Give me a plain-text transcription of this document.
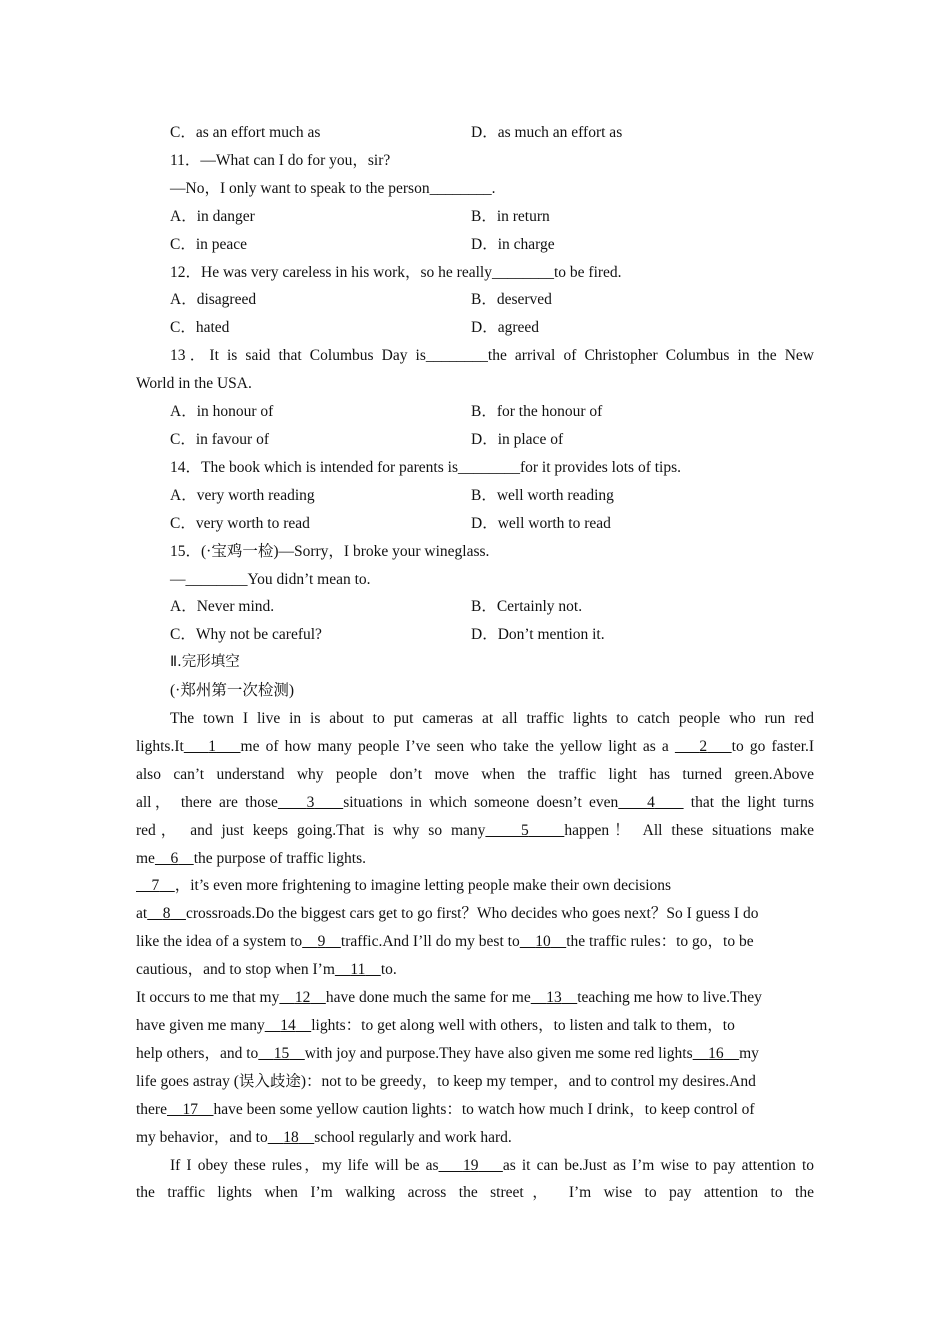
C．as an effort much as	D．as much an effort as
11．—What can I do for you，sir?
—No，I only want to speak to the person________.
A．in danger	B．in return
C．in peace	D．in charge
12．He was very careless in his work，so he really________to be fired.
A．disagreed	B．deserved
C．hated	D．agreed
13．It is said that Columbus Day is________the arrival of Christopher Columbus in the New
World in the USA.
A．in honour of	B．for the honour of
C．in favour of	D．in place of
14．The book which is intended for parents is________for it provides lots of tips.
A．very worth reading	B．well worth reading
C．very worth to read	D．well worth to read
15．(·宝鸡一检)—Sorry，I broke your wineglass.
—________You didn’t mean to.
A．Never mind.	B．Certainly not.
C．Why not be careful?	D．Don’t mention it.
Ⅱ.完形填空
(·郑州第一次检测)
The town I live in is about to put cameras at all traffic lights to catch people who run red
lights.It 1 me of how many people I’ve seen who take the yellow light as a     2 to go faster.I
also can’t understand why people don’t move when the traffic light has turned green.Above
all， there are those 3 situations in which someone doesn’t even 4     that the light turns
red， and just keeps going.That is why so many 5 happen！ All these situations make
me	6	the purpose of traffic lights.
7	，it’s even more frightening to imagine letting people make their own decisions
at	8	crossroads.Do the biggest cars get to go first？Who decides who goes next？So I guess I do
like the idea of a system to	9	traffic.And I’ll do my best to	10	the traffic rules：to go，to be
cautious，and to stop when I’m	11	to.
It occurs to me that my	12	have done much the same for me	13	teaching me how to live.They
have given me many	14	lights：to get along well with others，to listen and talk to them，to
help others，and to	15	with joy and purpose.They have also given me some red lights	16	my
life goes astray (误入歧途)：not to be greedy，to keep my temper，and to control my desires.And
there	17	have been some yellow caution lights：to watch how much I drink，to keep control of
my behavior，and to	18	school regularly and work hard.
If I obey these rules，my life will be as 19 as it can be.Just as I’m wise to pay attention to
the traffic lights when I’m walking across the street， I’m wise to pay attention to the
